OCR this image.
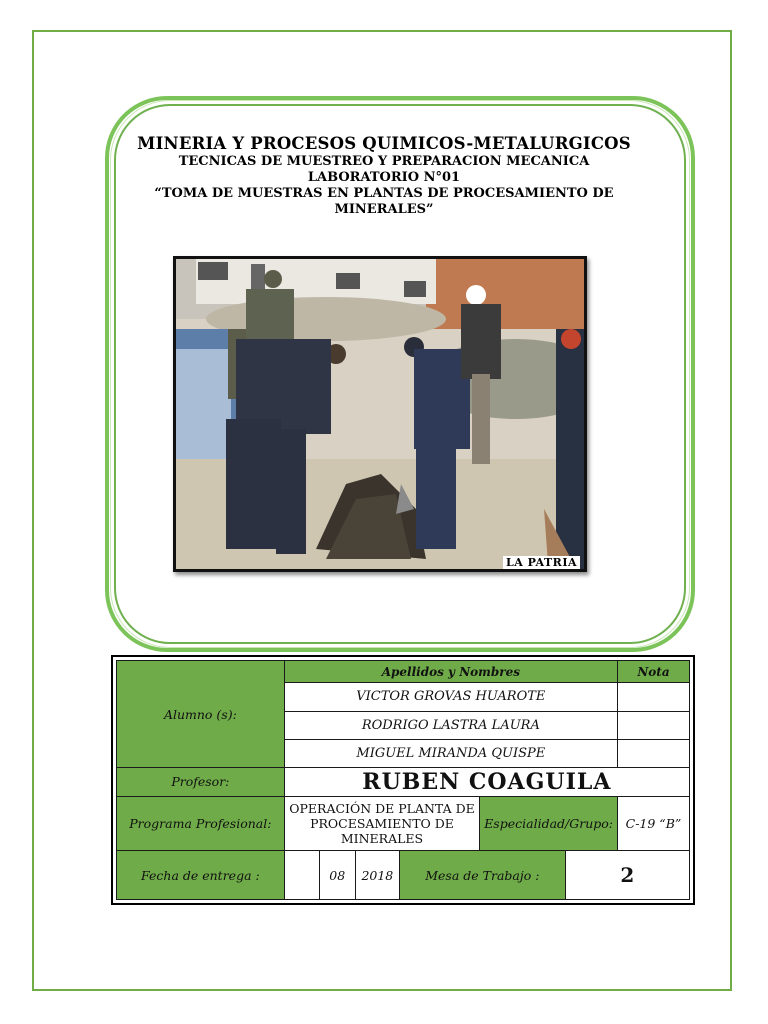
MINERIA Y PROCESOS QUIMICOS-METALURGICOS
TECNICAS DE MUESTREO Y PREPARACION MECANICA
LABORATORIO N°01
“TOMA DE MUESTRAS EN PLANTAS DE PROCESAMIENTO DE
MINERALES”
LA PATRIA
Alumno (s):	Apellidos y Nombres						Nota
	VICTOR GROVAS HUAROTE						
	RODRIGO LASTRA LAURA						
	MIGUEL MIRANDA QUISPE						
Profesor:	RUBEN COAGUILA						
Programa Profesional:	OPERACIÓN DE PLANTA DE PROCESAMIENTO DE MINERALES				Especialidad/Grupo:		C-19 “B”
Fecha de entrega :		08	2018	Mesa de Trabajo :		2	
